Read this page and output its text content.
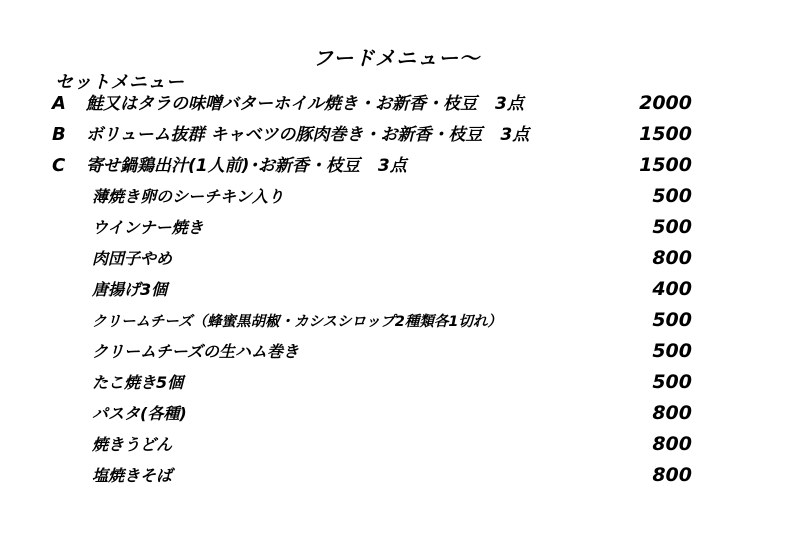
フードメニュー〜
セットメニュー
A	鮭又はタラの味噌バターホイル焼き・お新香・枝豆 3点	2000
B	ボリューム抜群 キャベツの豚肉巻き・お新香・枝豆 3点	1500
C	寄せ鍋鶏出汁(1人前)･お新香・枝豆 3点	1500
薄焼き卵のシーチキン入り	500
ウインナー焼き	500
肉団子やめ	800
唐揚げ3個	400
クリームチーズ（蜂蜜黒胡椒・カシスシロップ2種類各1切れ）	500
クリームチーズの生ハム巻き	500
たこ焼き5個	500
パスタ(各種)	800
焼きうどん	800
塩焼きそば	800
